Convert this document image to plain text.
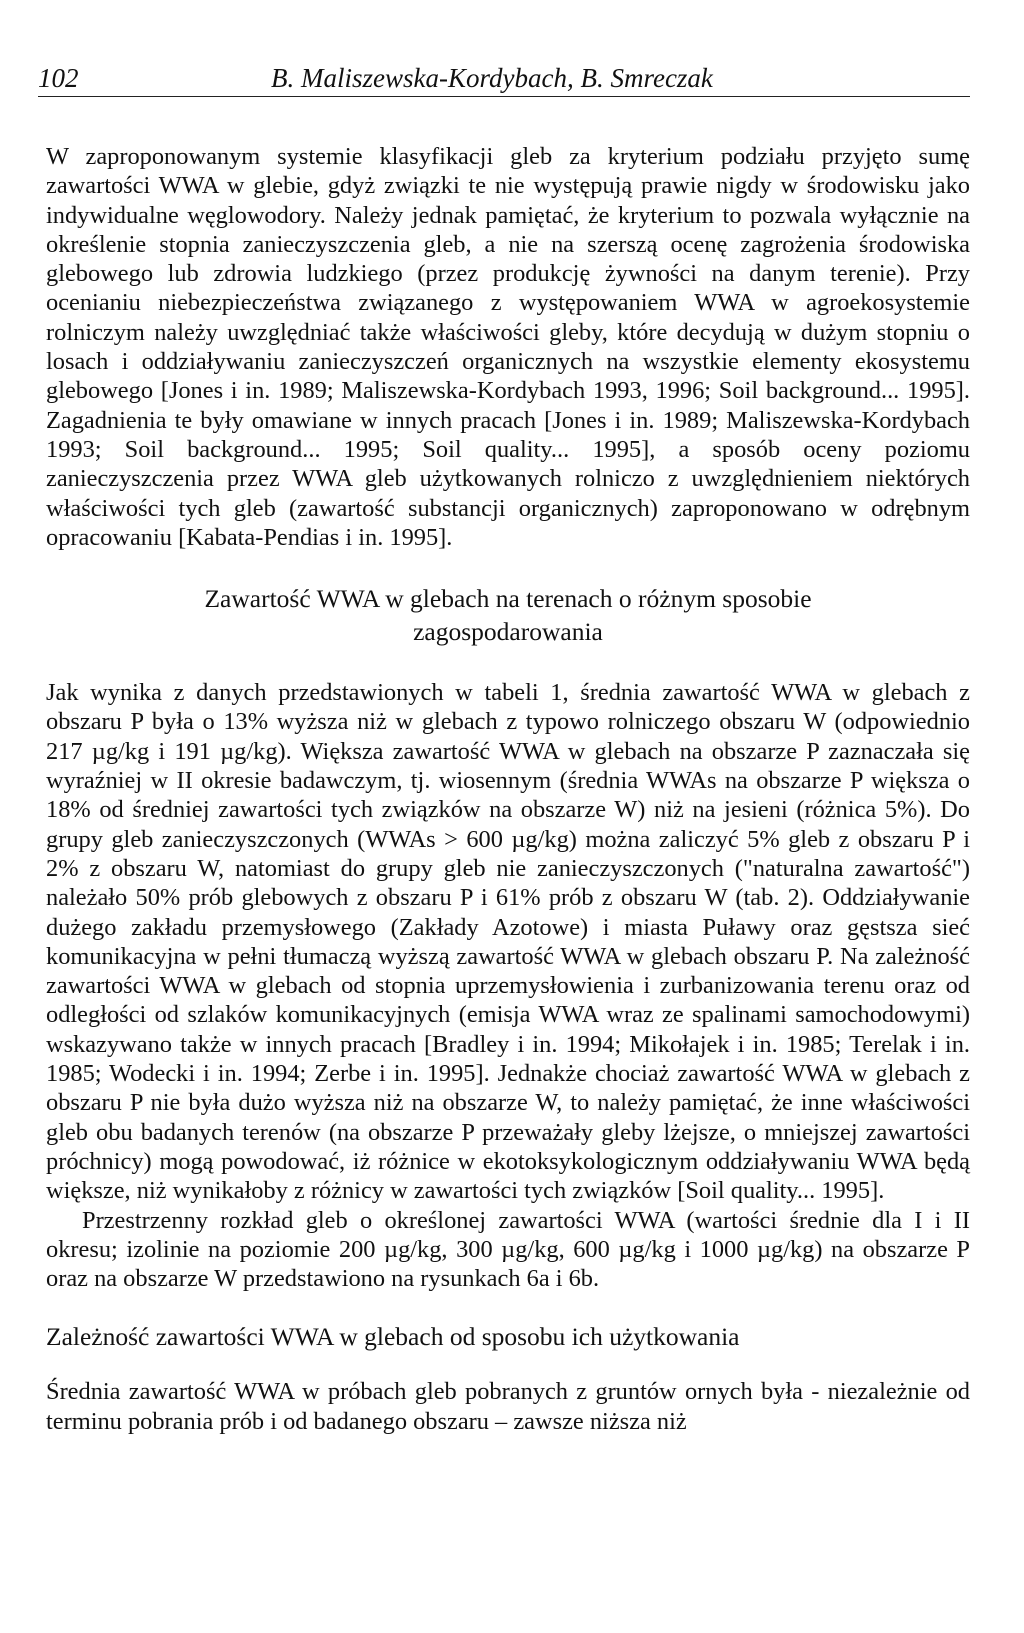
102	B. Maliszewska-Kordybach, B. Smreczak

W zaproponowanym systemie klasyfikacji gleb za kryterium podziału przyjęto sumę zawartości WWA w glebie, gdyż związki te nie występują prawie nigdy w środowisku jako indywidualne węglowodory. Należy jednak pamiętać, że kryterium to pozwala wyłącznie na określenie stopnia zanieczyszczenia gleb, a nie na szerszą ocenę zagrożenia środowiska glebowego lub zdrowia ludzkiego (przez produkcję żywności na danym terenie). Przy ocenianiu niebezpieczeństwa związanego z występowaniem WWA w agroekosystemie rolniczym należy uwzględniać także właściwości gleby, które decydują w dużym stopniu o losach i oddziaływaniu zanieczyszczeń organicznych na wszystkie elementy ekosystemu glebowego [Jones i in. 1989; Maliszewska-Kordybach 1993, 1996; Soil background... 1995]. Zagadnienia te były omawiane w innych pracach [Jones i in. 1989; Maliszewska-Kordybach 1993; Soil background... 1995; Soil quality... 1995], a sposób oceny poziomu zanieczyszczenia przez WWA gleb użytkowanych rolniczo z uwzględnieniem niektórych właściwości tych gleb (zawartość substancji organicznych) zaproponowano w odrębnym opracowaniu [Kabata-Pendias i in. 1995].

Zawartość WWA w glebach na terenach o różnym sposobie
zagospodarowania

Jak wynika z danych przedstawionych w tabeli 1, średnia zawartość WWA w glebach z obszaru P była o 13% wyższa niż w glebach z typowo rolniczego obszaru W (odpowiednio 217 µg/kg i 191 µg/kg). Większa zawartość WWA w glebach na obszarze P zaznaczała się wyraźniej w II okresie badawczym, tj. wiosennym (średnia WWAs na obszarze P większa o 18% od średniej zawartości tych związków na obszarze W) niż na jesieni (różnica 5%). Do grupy gleb zanieczyszczonych (WWAs > 600 µg/kg) można zaliczyć 5% gleb z obszaru P i 2% z obszaru W, natomiast do grupy gleb nie zanieczyszczonych ("naturalna zawartość") należało 50% prób glebowych z obszaru P i 61% prób z obszaru W (tab. 2). Oddziaływanie dużego zakładu przemysłowego (Zakłady Azotowe) i miasta Puławy oraz gęstsza sieć komunikacyjna w pełni tłumaczą wyższą zawartość WWA w glebach obszaru P. Na zależność zawartości WWA w glebach od stopnia uprzemysłowienia i zurbanizowania terenu oraz od odległości od szlaków komunikacyjnych (emisja WWA wraz ze spalinami samochodowymi) wskazywano także w innych pracach [Bradley i in. 1994; Mikołajek i in. 1985; Terelak i in. 1985; Wodecki i in. 1994; Zerbe i in. 1995]. Jednakże chociaż zawartość WWA w glebach z obszaru P nie była dużo wyższa niż na obszarze W, to należy pamiętać, że inne właściwości gleb obu badanych terenów (na obszarze P przeważały gleby lżejsze, o mniejszej zawartości próchnicy) mogą powodować, iż różnice w ekotoksykologicznym oddziaływaniu WWA będą większe, niż wynikałoby z różnicy w zawartości tych związków [Soil quality... 1995].

Przestrzenny rozkład gleb o określonej zawartości WWA (wartości średnie dla I i II okresu; izolinie na poziomie 200 µg/kg, 300 µg/kg, 600 µg/kg i 1000 µg/kg) na obszarze P oraz na obszarze W przedstawiono na rysunkach 6a i 6b.

Zależność zawartości WWA w glebach od sposobu ich użytkowania

Średnia zawartość WWA w próbach gleb pobranych z gruntów ornych była - niezależnie od terminu pobrania prób i od badanego obszaru – zawsze niższa niż
